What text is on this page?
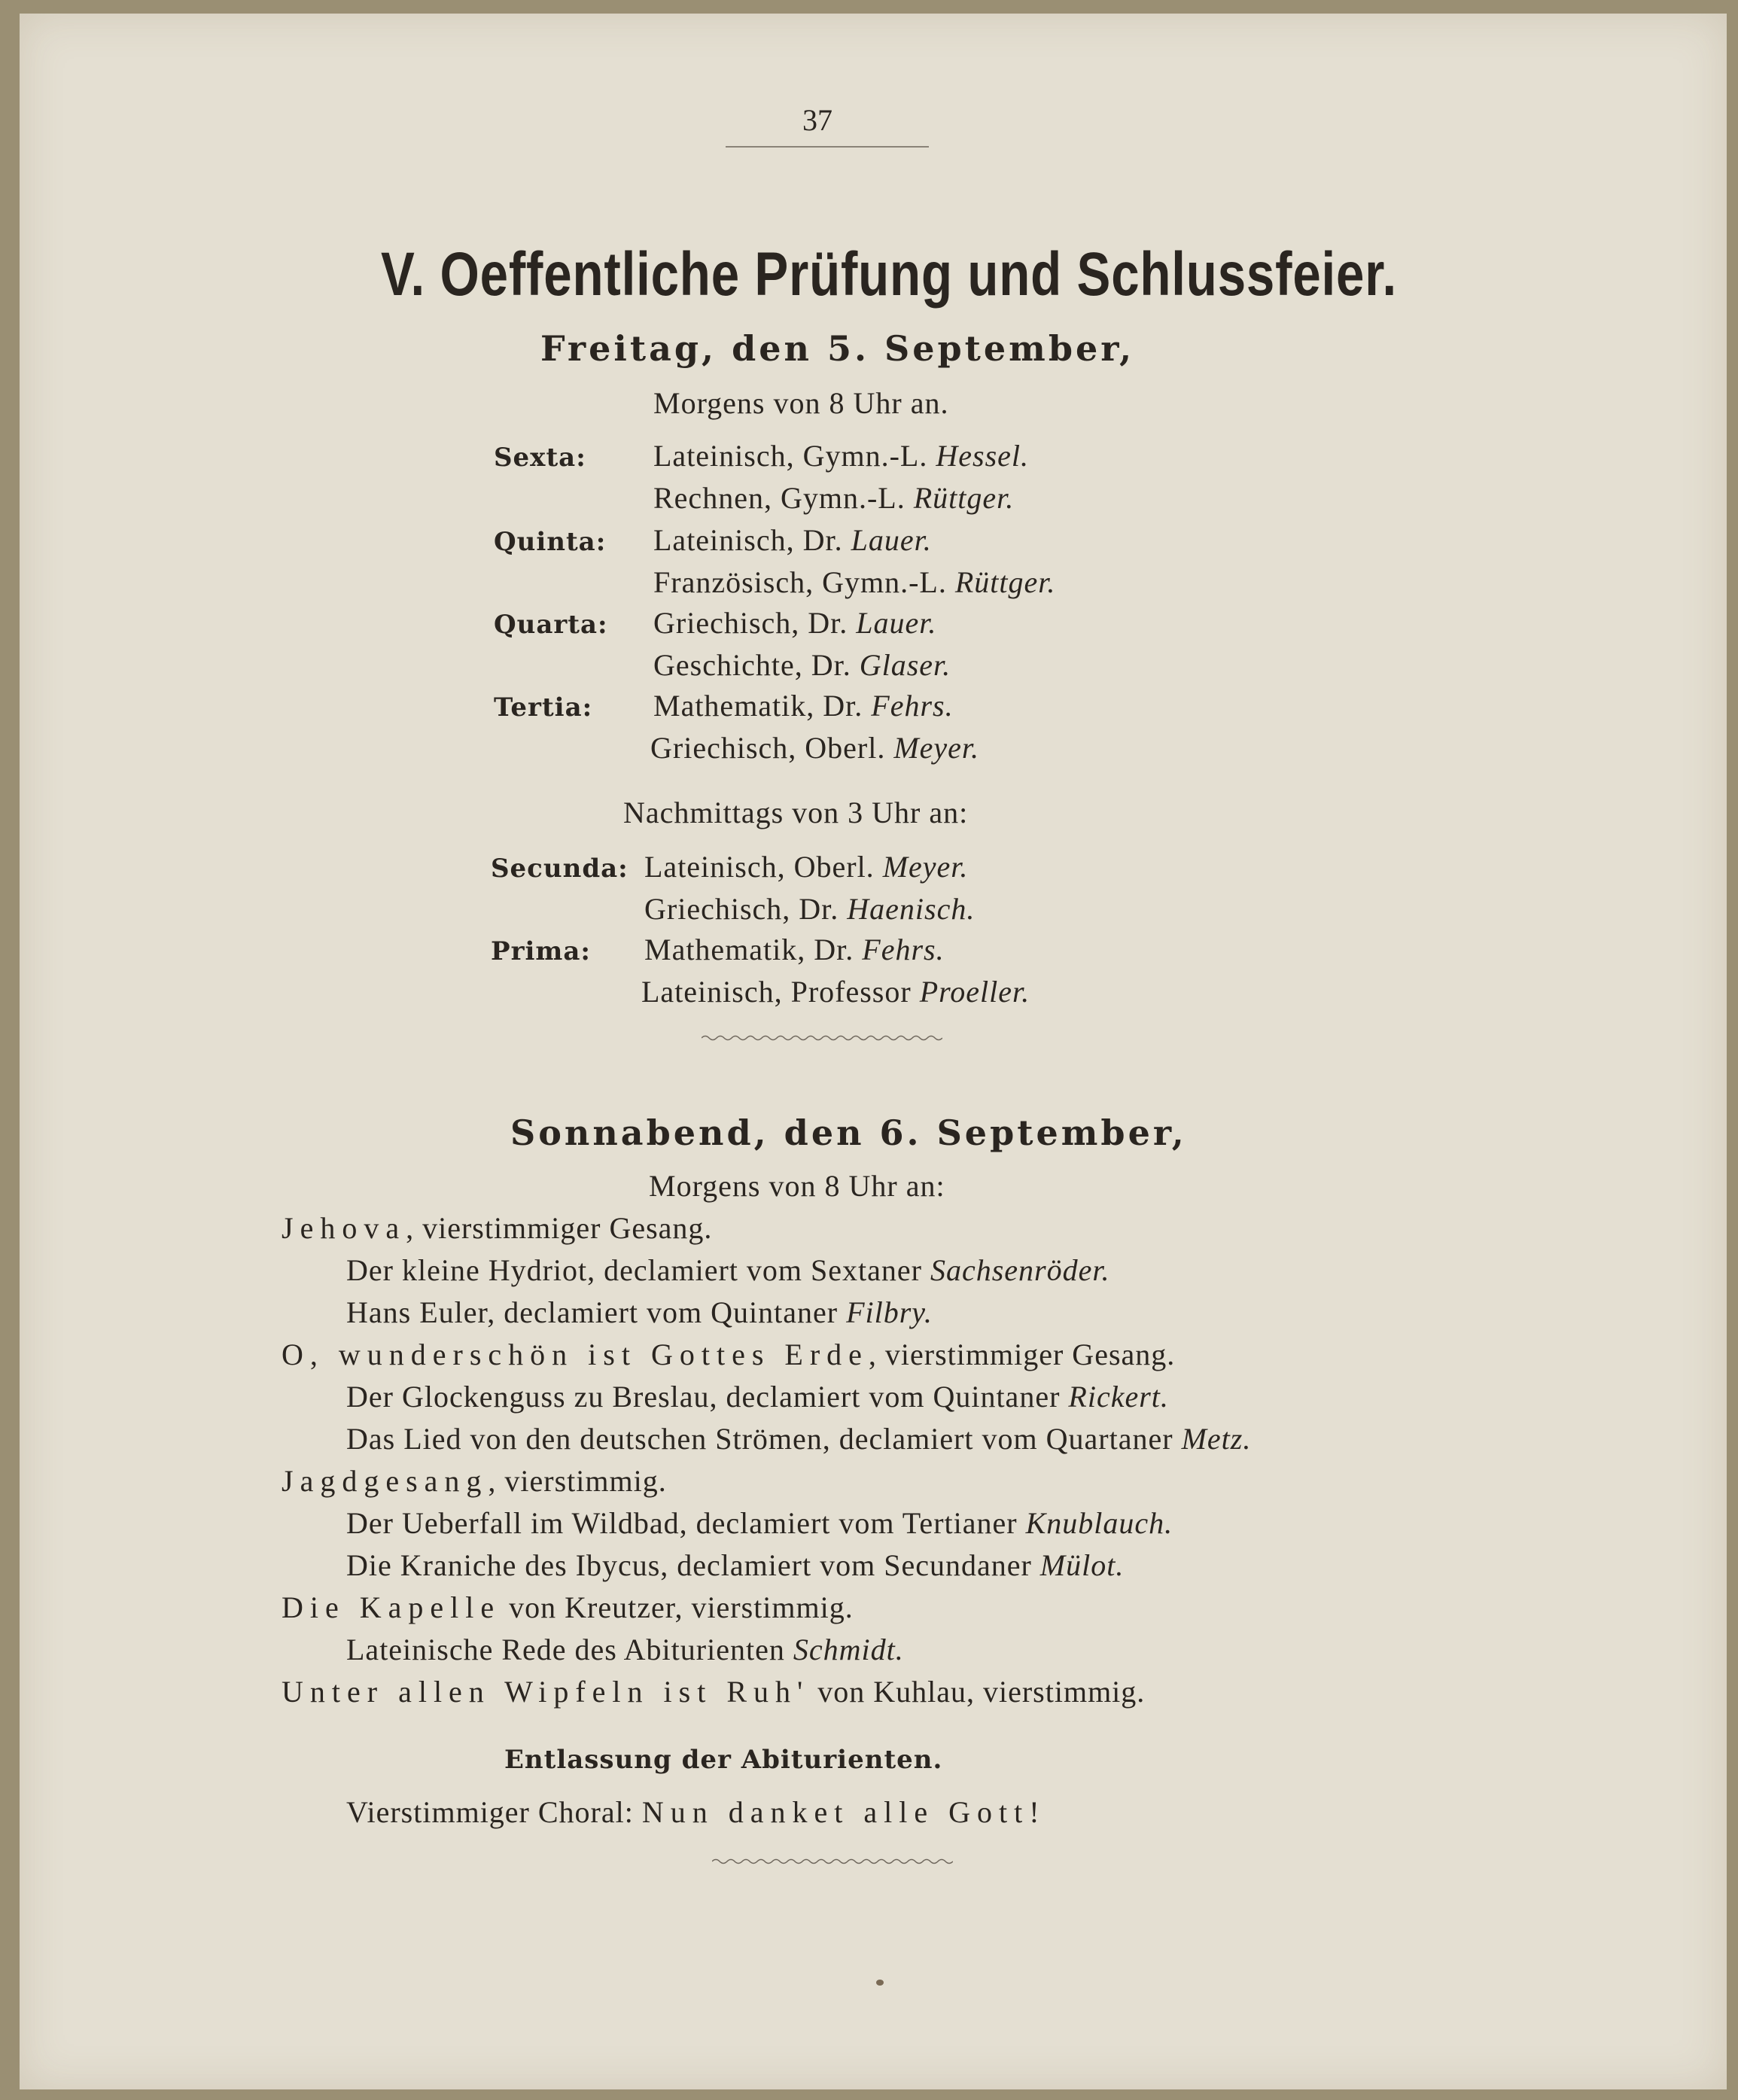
37
V. Oeffentliche Prüfung und Schlussfeier.
Freitag, den 5. September,
Morgens von 8 Uhr an.
Sexta: Lateinisch, Gymn.-L. Hessel.
Rechnen, Gymn.-L. Rüttger.
Quinta: Lateinisch, Dr. Lauer.
Französisch, Gymn.-L. Rüttger.
Quarta: Griechisch, Dr. Lauer.
Geschichte, Dr. Glaser.
Tertia: Mathematik, Dr. Fehrs.
Griechisch, Oberl. Meyer.
Nachmittags von 3 Uhr an:
Secunda: Lateinisch, Oberl. Meyer.
Griechisch, Dr. Haenisch.
Prima: Mathematik, Dr. Fehrs.
Lateinisch, Professor Proeller.
Sonnabend, den 6. September,
Morgens von 8 Uhr an:
Jehova, vierstimmiger Gesang.
Der kleine Hydriot, declamiert vom Sextaner Sachsenröder.
Hans Euler, declamiert vom Quintaner Filbry.
O, wunderschön ist Gottes Erde, vierstimmiger Gesang.
Der Glockenguss zu Breslau, declamiert vom Quintaner Rickert.
Das Lied von den deutschen Strömen, declamiert vom Quartaner Metz.
Jagdgesang, vierstimmig.
Der Ueberfall im Wildbad, declamiert vom Tertianer Knublauch.
Die Kraniche des Ibycus, declamiert vom Secundaner Mülot.
Die Kapelle von Kreutzer, vierstimmig.
Lateinische Rede des Abiturienten Schmidt.
Unter allen Wipfeln ist Ruh' von Kuhlau, vierstimmig.
Entlassung der Abiturienten.
Vierstimmiger Choral: Nun danket alle Gott!
